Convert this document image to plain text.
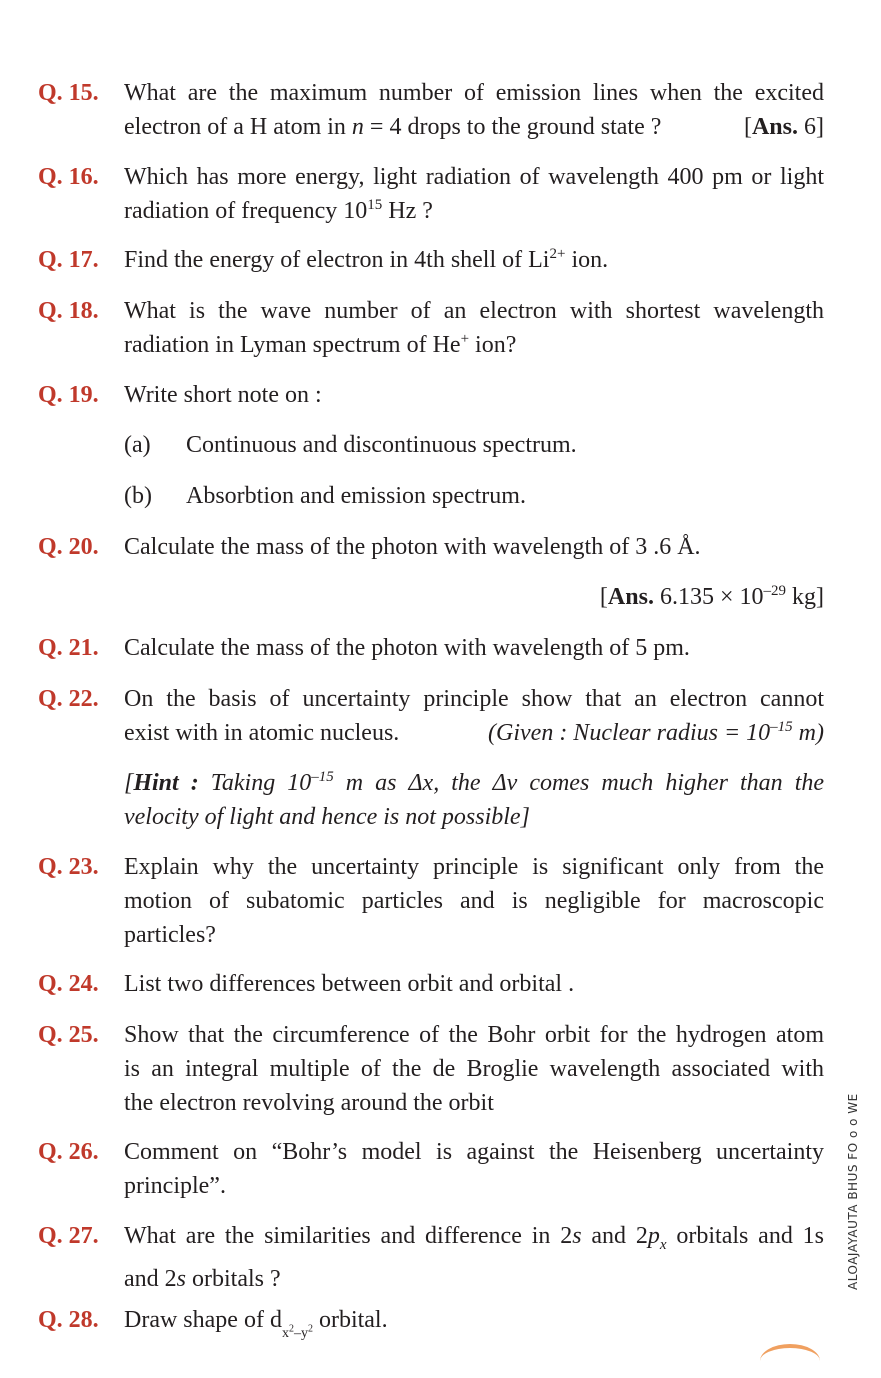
Q. 15. What are the maximum number of emission lines when the excited
electron of a H atom in n = 4 drops to the ground state ?	[Ans. 6]
Q. 16. Which has more energy, light radiation of wavelength 400 pm or light
radiation of frequency $10^{15}$ Hz ?
Q. 17. Find the energy of electron in 4th shell of $Li^{2+}$ ion.
Q. 18. What is the wave number of an electron with shortest wavelength
radiation in Lyman spectrum of He+ ion?
Q. 19. Write short note on :
(a) Continuous and discontinuous spectrum.
(b) Absorbtion and emission spectrum.
Q. 20. Calculate the mass of the photon with wavelength of 3 .6 Å.
[Ans. $6.135 \times 10^{-29}$ kg]
Q. 21. Calculate the mass of the photon with wavelength of 5 pm.
Q. 22. On the basis of uncertainty principle show that an electron cannot
exist with in atomic nucleus.	(Given : Nuclear radius = $10^{-15}$ m)
[Hint : Taking $10^{-15}$ m as Δx, the Δv comes much higher than the
velocity of light and hence is not possible]
Q. 23. Explain why the uncertainty principle is significant only from the
motion of subatomic particles and is negligible for macroscopic
particles?
Q. 24. List two differences between orbit and orbital .
Q. 25. Show that the circumference of the Bohr orbit for the hydrogen atom
is an integral multiple of the de Broglie wavelength associated with
the electron revolving around the orbit
Q. 26. Comment on “Bohr’s model is against the Heisenberg uncertainty
principle”.
Q. 27. What are the similarities and difference in 2s and $2p_x$ orbitals and 1s
and 2s orbitals ?
Q. 28. Draw shape of $d_{x^2-y^2}$ orbital.
ALOAJAYAUTA BHUS FO o o WE
